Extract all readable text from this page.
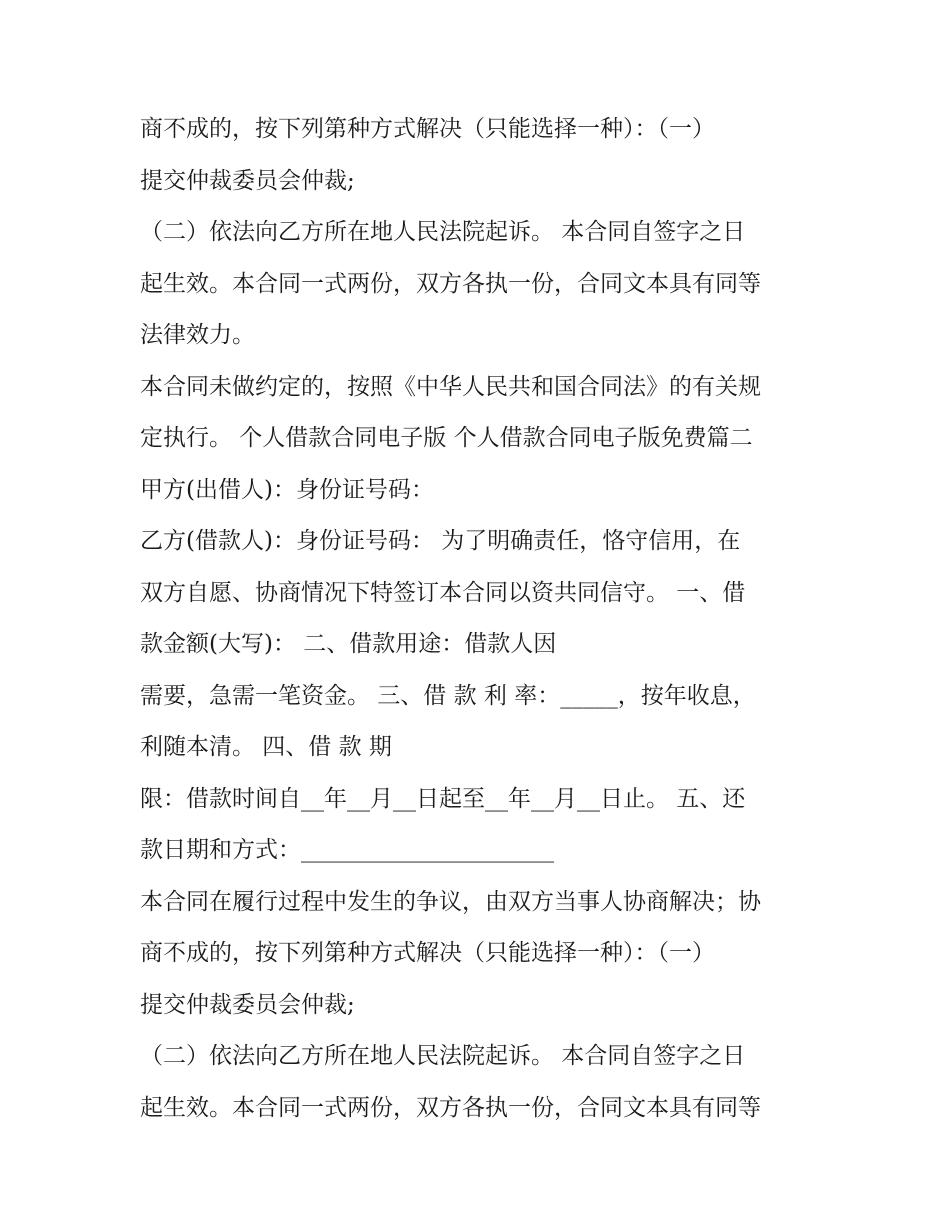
商不成的，按下列第种方式解决（只能选择一种）：（一）
提交仲裁委员会仲裁;
（二）依法向乙方所在地人民法院起诉。 本合同自签字之日
起生效。本合同一式两份，双方各执一份，合同文本具有同等
法律效力。
本合同未做约定的，按照《中华人民共和国合同法》的有关规
定执行。 个人借款合同电子版 个人借款合同电子版免费篇二
甲方(出借人)：身份证号码：
乙方(借款人)：身份证号码： 为了明确责任，恪守信用，在
双方自愿、协商情况下特签订本合同以资共同信守。 一、借
款金额(大写)： 二、借款用途：借款人因
需要，急需一笔资金。 三、借 款 利 率：_____，按年收息，
利随本清。 四、借 款 期
限：借款时间自__年__月__日起至__年__月__日止。 五、还
款日期和方式：______________________
本合同在履行过程中发生的争议，由双方当事人协商解决；协
商不成的，按下列第种方式解决（只能选择一种）：（一）
提交仲裁委员会仲裁;
（二）依法向乙方所在地人民法院起诉。 本合同自签字之日
起生效。本合同一式两份，双方各执一份，合同文本具有同等
